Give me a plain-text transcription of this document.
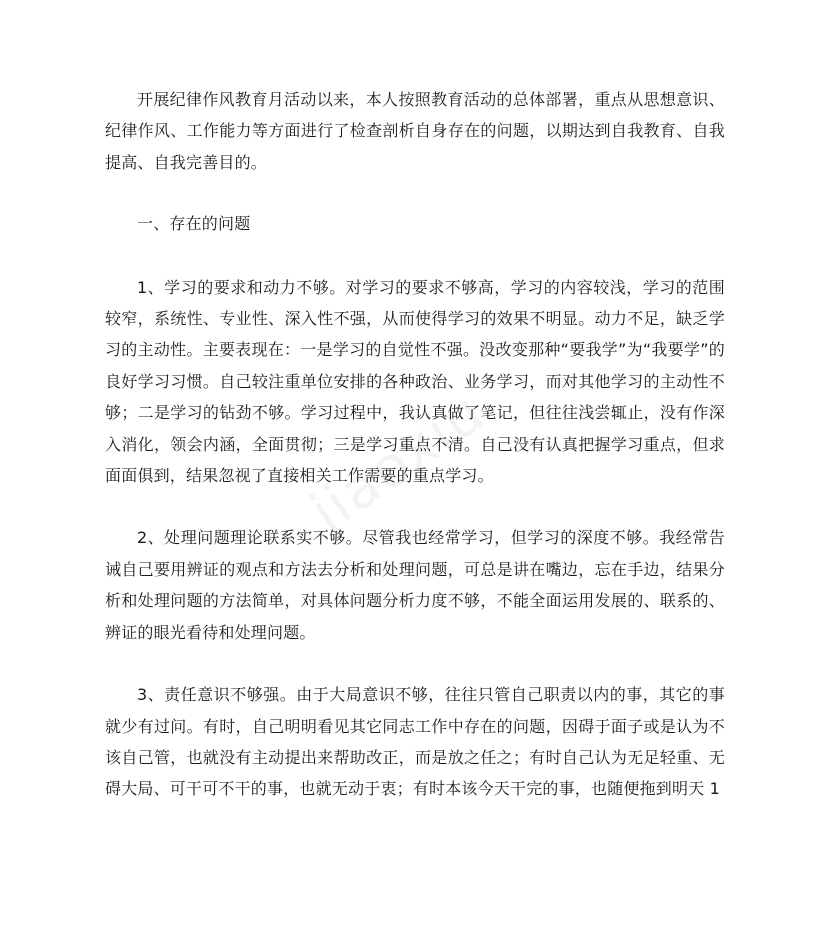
开展纪律作风教育月活动以来，本人按照教育活动的总体部署，重点从思想意识、纪律作风、工作能力等方面进行了检查剖析自身存在的问题，以期达到自我教育、自我提高、自我完善目的。

一、存在的问题

1、学习的要求和动力不够。对学习的要求不够高，学习的内容较浅，学习的范围较窄，系统性、专业性、深入性不强，从而使得学习的效果不明显。动力不足，缺乏学习的主动性。主要表现在：一是学习的自觉性不强。没改变那种“要我学”为“我要学”的良好学习习惯。自己较注重单位安排的各种政治、业务学习，而对其他学习的主动性不够；二是学习的钻劲不够。学习过程中，我认真做了笔记，但往往浅尝辄止，没有作深入消化，领会内涵，全面贯彻；三是学习重点不清。自己没有认真把握学习重点，但求面面俱到，结果忽视了直接相关工作需要的重点学习。

2、处理问题理论联系实不够。尽管我也经常学习，但学习的深度不够。我经常告诫自己要用辨证的观点和方法去分析和处理问题，可总是讲在嘴边，忘在手边，结果分析和处理问题的方法简单，对具体问题分析力度不够，不能全面运用发展的、联系的、辨证的眼光看待和处理问题。

3、责任意识不够强。由于大局意识不够，往往只管自己职责以内的事，其它的事就少有过问。有时，自己明明看见其它同志工作中存在的问题，因碍于面子或是认为不该自己管，也就没有主动提出来帮助改正，而是放之任之；有时自己认为无足轻重、无碍大局、可干可不干的事，也就无动于衷；有时本该今天干完的事，也随便拖到明天 1
